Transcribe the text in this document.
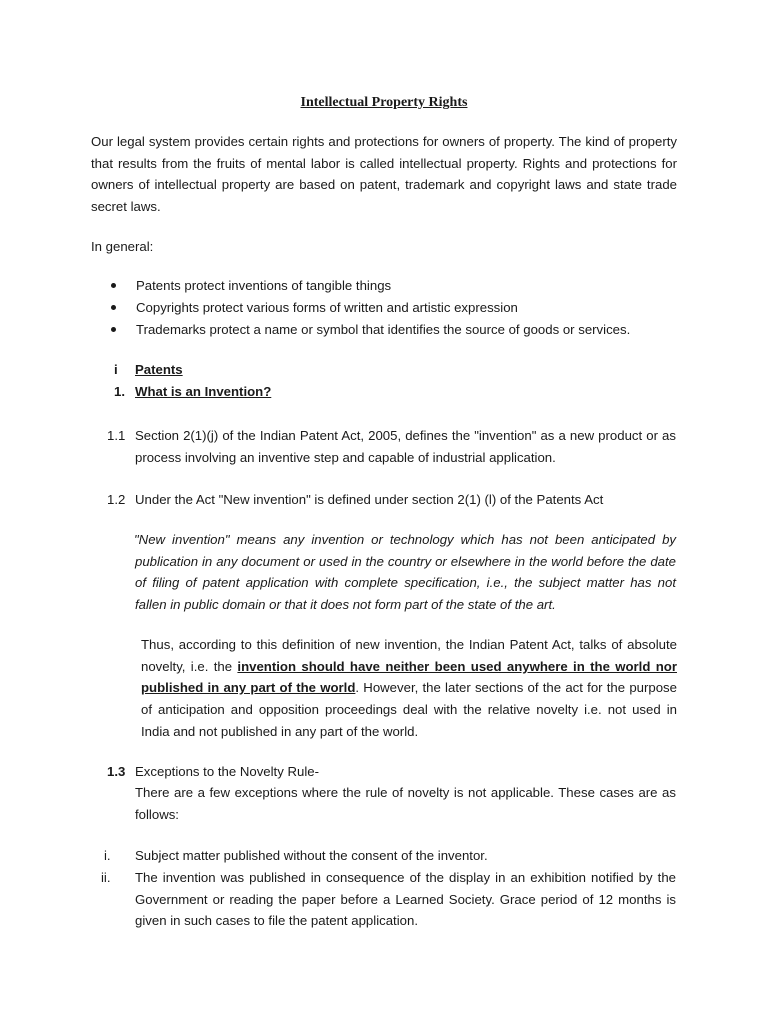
Intellectual Property Rights

Our legal system provides certain rights and protections for owners of property. The kind of property that results from the fruits of mental labor is called intellectual property. Rights and protections for owners of intellectual property are based on patent, trademark and copyright laws and state trade secret laws.

In general:
Patents protect inventions of tangible things
Copyrights protect various forms of written and artistic expression
Trademarks protect a name or symbol that identifies the source of goods or services.
i Patents
1. What is an Invention?
1.1 Section 2(1)(j) of the Indian Patent Act, 2005, defines the "invention" as a new product or as process involving an inventive step and capable of industrial application.
1.2 Under the Act "New invention" is defined under section 2(1) (l) of the Patents Act
"New invention" means any invention or technology which has not been anticipated by publication in any document or used in the country or elsewhere in the world before the date of filing of patent application with complete specification, i.e., the subject matter has not fallen in public domain or that it does not form part of the state of the art.
Thus, according to this definition of new invention, the Indian Patent Act, talks of absolute novelty, i.e. the invention should have neither been used anywhere in the world nor published in any part of the world. However, the later sections of the act for the purpose of anticipation and opposition proceedings deal with the relative novelty i.e. not used in India and not published in any part of the world.
1.3 Exceptions to the Novelty Rule-
There are a few exceptions where the rule of novelty is not applicable. These cases are as follows:
i. Subject matter published without the consent of the inventor.
ii. The invention was published in consequence of the display in an exhibition notified by the Government or reading the paper before a Learned Society. Grace period of 12 months is given in such cases to file the patent application.
